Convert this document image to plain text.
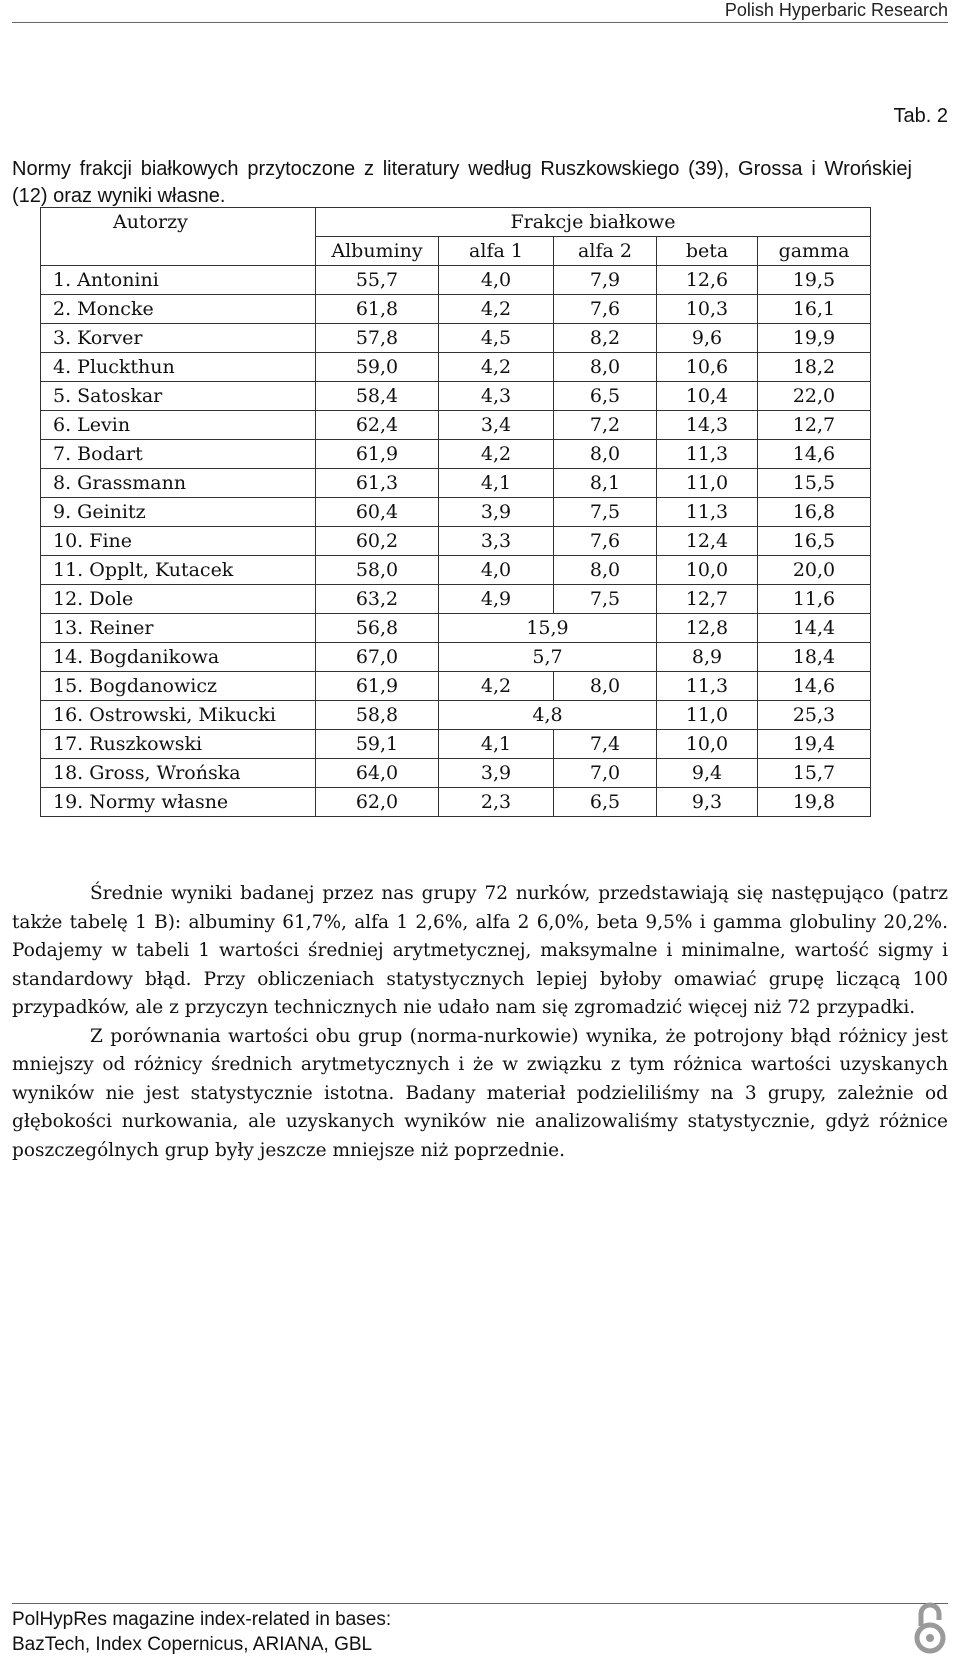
Polish Hyperbaric Research
Tab. 2
Normy frakcji białkowych przytoczone z literatury według Ruszkowskiego (39), Grossa i Wrońskiej (12) oraz wyniki własne.
Autorzy	Frakcje białkowe				
	Albuminy	alfa 1	alfa 2	beta	gamma
1. Antonini	55,7	4,0	7,9	12,6	19,5
2. Moncke	61,8	4,2	7,6	10,3	16,1
3. Korver	57,8	4,5	8,2	9,6	19,9
4. Pluckthun	59,0	4,2	8,0	10,6	18,2
5. Satoskar	58,4	4,3	6,5	10,4	22,0
6. Levin	62,4	3,4	7,2	14,3	12,7
7. Bodart	61,9	4,2	8,0	11,3	14,6
8. Grassmann	61,3	4,1	8,1	11,0	15,5
9. Geinitz	60,4	3,9	7,5	11,3	16,8
10. Fine	60,2	3,3	7,6	12,4	16,5
11. Opplt, Kutacek	58,0	4,0	8,0	10,0	20,0
12. Dole	63,2	4,9	7,5	12,7	11,6
13. Reiner	56,8	15,9		12,8	14,4
14. Bogdanikowa	67,0	5,7		8,9	18,4
15. Bogdanowicz	61,9	4,2	8,0	11,3	14,6
16. Ostrowski, Mikucki	58,8	4,8		11,0	25,3
17. Ruszkowski	59,1	4,1	7,4	10,0	19,4
18. Gross, Wrońska	64,0	3,9	7,0	9,4	15,7
19. Normy własne	62,0	2,3	6,5	9,3	19,8

Średnie wyniki badanej przez nas grupy 72 nurków, przedstawiają się następująco (patrz także tabelę 1 B): albuminy 61,7%, alfa 1 2,6%, alfa 2 6,0%, beta 9,5% i gamma globuliny 20,2%. Podajemy w tabeli 1 wartości średniej arytmetycznej, maksymalne i minimalne, wartość sigmy i standardowy błąd. Przy obliczeniach statystycznych lepiej byłoby omawiać grupę liczącą 100 przypadków, ale z przyczyn technicznych nie udało nam się zgromadzić więcej niż 72 przypadki.

Z porównania wartości obu grup (norma-nurkowie) wynika, że potrojony błąd różnicy jest mniejszy od różnicy średnich arytmetycznych i że w związku z tym różnica wartości uzyskanych wyników nie jest statystycznie istotna. Badany materiał podzieliliśmy na 3 grupy, zależnie od głębokości nurkowania, ale uzyskanych wyników nie analizowaliśmy statystycznie, gdyż różnice poszczególnych grup były jeszcze mniejsze niż poprzednie.

PolHypRes magazine index-related in bases:
BazTech, Index Copernicus, ARIANA, GBL
